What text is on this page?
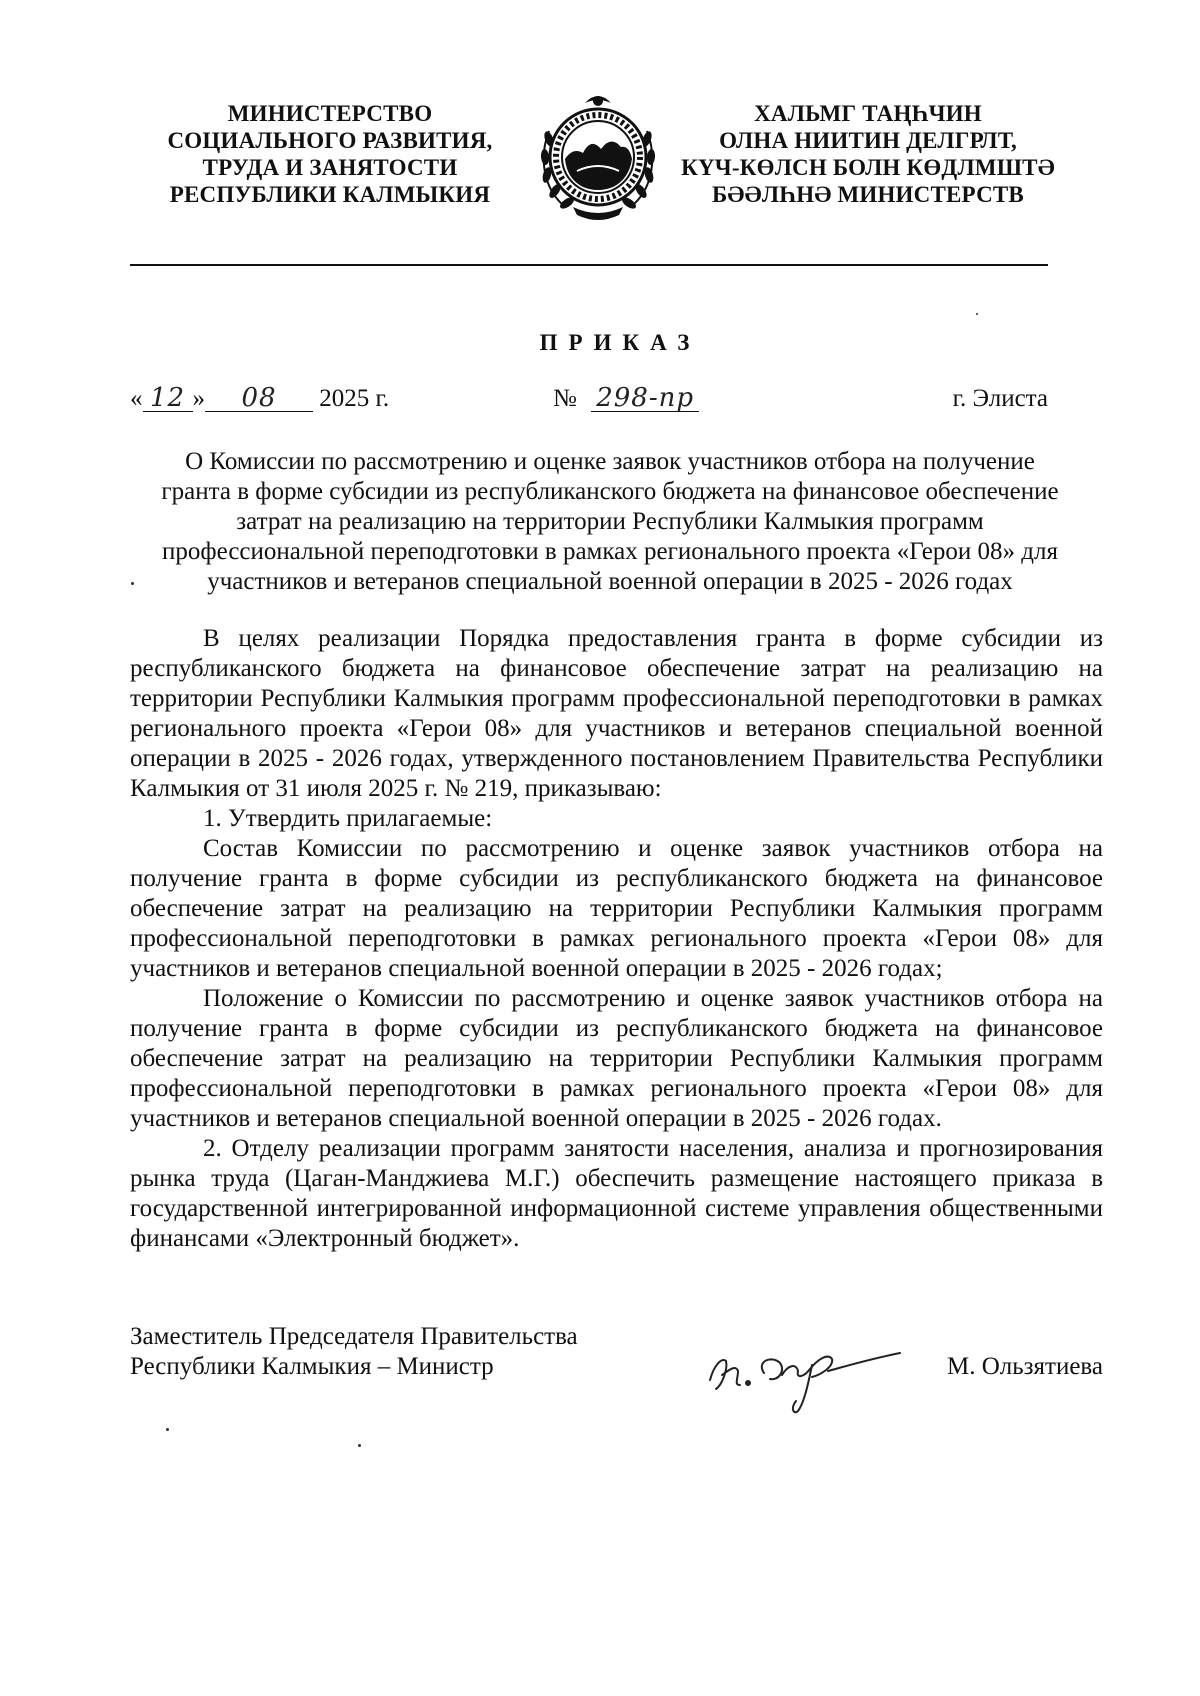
МИНИСТЕРСТВО
СОЦИАЛЬНОГО РАЗВИТИЯ,
ТРУДА И ЗАНЯТОСТИ
РЕСПУБЛИКИ КАЛМЫКИЯ
ХАЛЬМГ ТАҢҺЧИН
ОЛНА НИИТИН ДЕЛГРЛТ,
КҮЧ-КӨЛСН БОЛН КӨДЛМШТӘ
БӘӘЛҺНӘ МИНИСТЕРСТВ
ПРИКАЗ
« 12 » 08 2025 г.	№ 298-пр	г. Элиста
О Комиссии по рассмотрению и оценке заявок участников отбора на получение
гранта в форме субсидии из республиканского бюджета на финансовое обеспечение
затрат на реализацию на территории Республики Калмыкия программ
профессиональной переподготовки в рамках регионального проекта «Герои 08» для
участников и ветеранов специальной военной операции в 2025 - 2026 годах

В целях реализации Порядка предоставления гранта в форме субсидии из республиканского бюджета на финансовое обеспечение затрат на реализацию на территории Республики Калмыкия программ профессиональной переподготовки в рамках регионального проекта «Герои 08» для участников и ветеранов специальной военной операции в 2025 - 2026 годах, утвержденного постановлением Правительства Республики Калмыкия от 31 июля 2025 г. № 219, приказываю:

1. Утвердить прилагаемые:

Состав Комиссии по рассмотрению и оценке заявок участников отбора на получение гранта в форме субсидии из республиканского бюджета на финансовое обеспечение затрат на реализацию на территории Республики Калмыкия программ профессиональной переподготовки в рамках регионального проекта «Герои 08» для участников и ветеранов специальной военной операции в 2025 - 2026 годах;

Положение о Комиссии по рассмотрению и оценке заявок участников отбора на получение гранта в форме субсидии из республиканского бюджета на финансовое обеспечение затрат на реализацию на территории Республики Калмыкия программ профессиональной переподготовки в рамках регионального проекта «Герои 08» для участников и ветеранов специальной военной операции в 2025 - 2026 годах.

2. Отделу реализации программ занятости населения, анализа и прогнозирования рынка труда (Цаган-Манджиева М.Г.) обеспечить размещение настоящего приказа в государственной интегрированной информационной системе управления общественными финансами «Электронный бюджет».

Заместитель Председателя Правительства
Республики Калмыкия – Министр	М. Ользятиева
